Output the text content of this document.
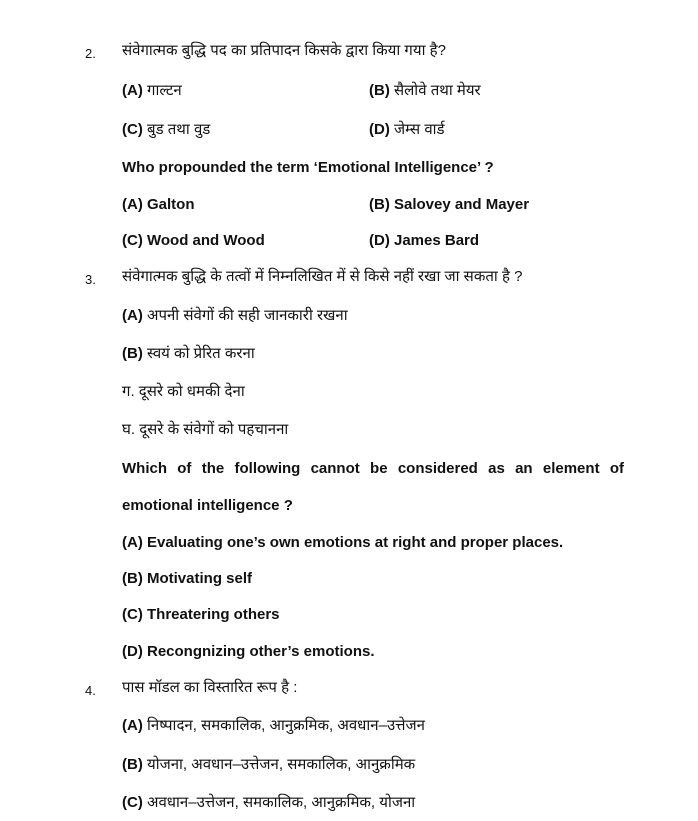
2. संवेगात्मक बुद्धि पद का प्रतिपादन किसके द्वारा किया गया है?
(A) गाल्टन	(B) सैलोवे तथा मेयर
(C) बुड तथा वुड	(D) जेम्स वार्ड
Who propounded the term ‘Emotional Intelligence’ ?
(A) Galton	(B) Salovey and Mayer
(C) Wood and Wood	(D) James Bard
3. संवेगात्मक बुद्धि के तत्वों में निम्नलिखित में से किसे नहीं रखा जा सकता है ?
(A) अपनी संवेगों की सही जानकारी रखना
(B) स्वयं को प्रेरित करना
ग. दूसरे को धमकी देना
घ. दूसरे के संवेगों को पहचानना
Which of the following cannot be considered as an element of
emotional intelligence ?
(A) Evaluating one’s own emotions at right and proper places.
(B) Motivating self
(C) Threatering others
(D) Recongnizing other’s emotions.
4. पास मॉडल का विस्तारित रूप है :
(A) निष्पादन, समकालिक, आनुक्रमिक, अवधान–उत्तेजन
(B) योजना, अवधान–उत्तेजन, समकालिक, आनुक्रमिक
(C) अवधान–उत्तेजन, समकालिक, आनुक्रमिक, योजना
